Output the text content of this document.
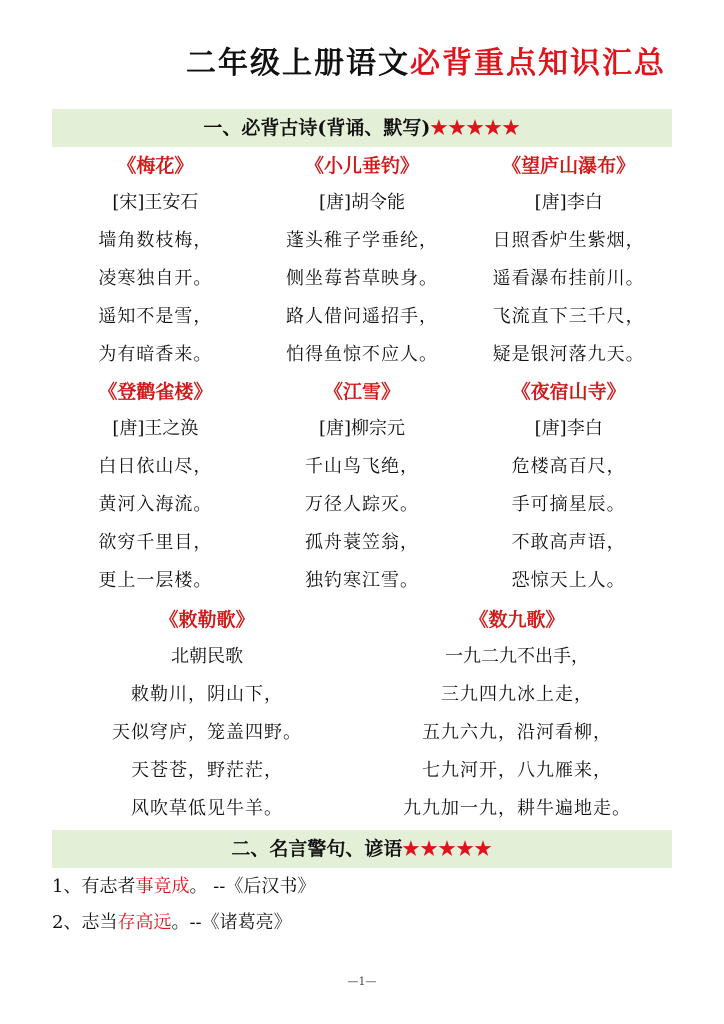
二年级上册语文必背重点知识汇总
一、必背古诗(背诵、默写)★★★★★
《梅花》
[宋]王安石
墙角数枝梅，
凌寒独自开。
遥知不是雪，
为有暗香来。
《小儿垂钓》
[唐]胡令能
蓬头稚子学垂纶，
侧坐莓苔草映身。
路人借问遥招手，
怕得鱼惊不应人。
《望庐山瀑布》
[唐]李白
日照香炉生紫烟，
遥看瀑布挂前川。
飞流直下三千尺，
疑是银河落九天。
《登鹳雀楼》
[唐]王之涣
白日依山尽，
黄河入海流。
欲穷千里目，
更上一层楼。
《江雪》
[唐]柳宗元
千山鸟飞绝，
万径人踪灭。
孤舟蓑笠翁，
独钓寒江雪。
《夜宿山寺》
[唐]李白
危楼高百尺，
手可摘星辰。
不敢高声语，
恐惊天上人。
《敕勒歌》
北朝民歌
敕勒川，阴山下，
天似穹庐，笼盖四野。
天苍苍，野茫茫，
风吹草低见牛羊。
《数九歌》
一九二九不出手，
三九四九冰上走，
五九六九，沿河看柳，
七九河开，八九雁来，
九九加一九，耕牛遍地走。
二、名言警句、谚语★★★★★
1、有志者事竟成。 --《后汉书》
2、志当存高远。--《诸葛亮》
—1—
